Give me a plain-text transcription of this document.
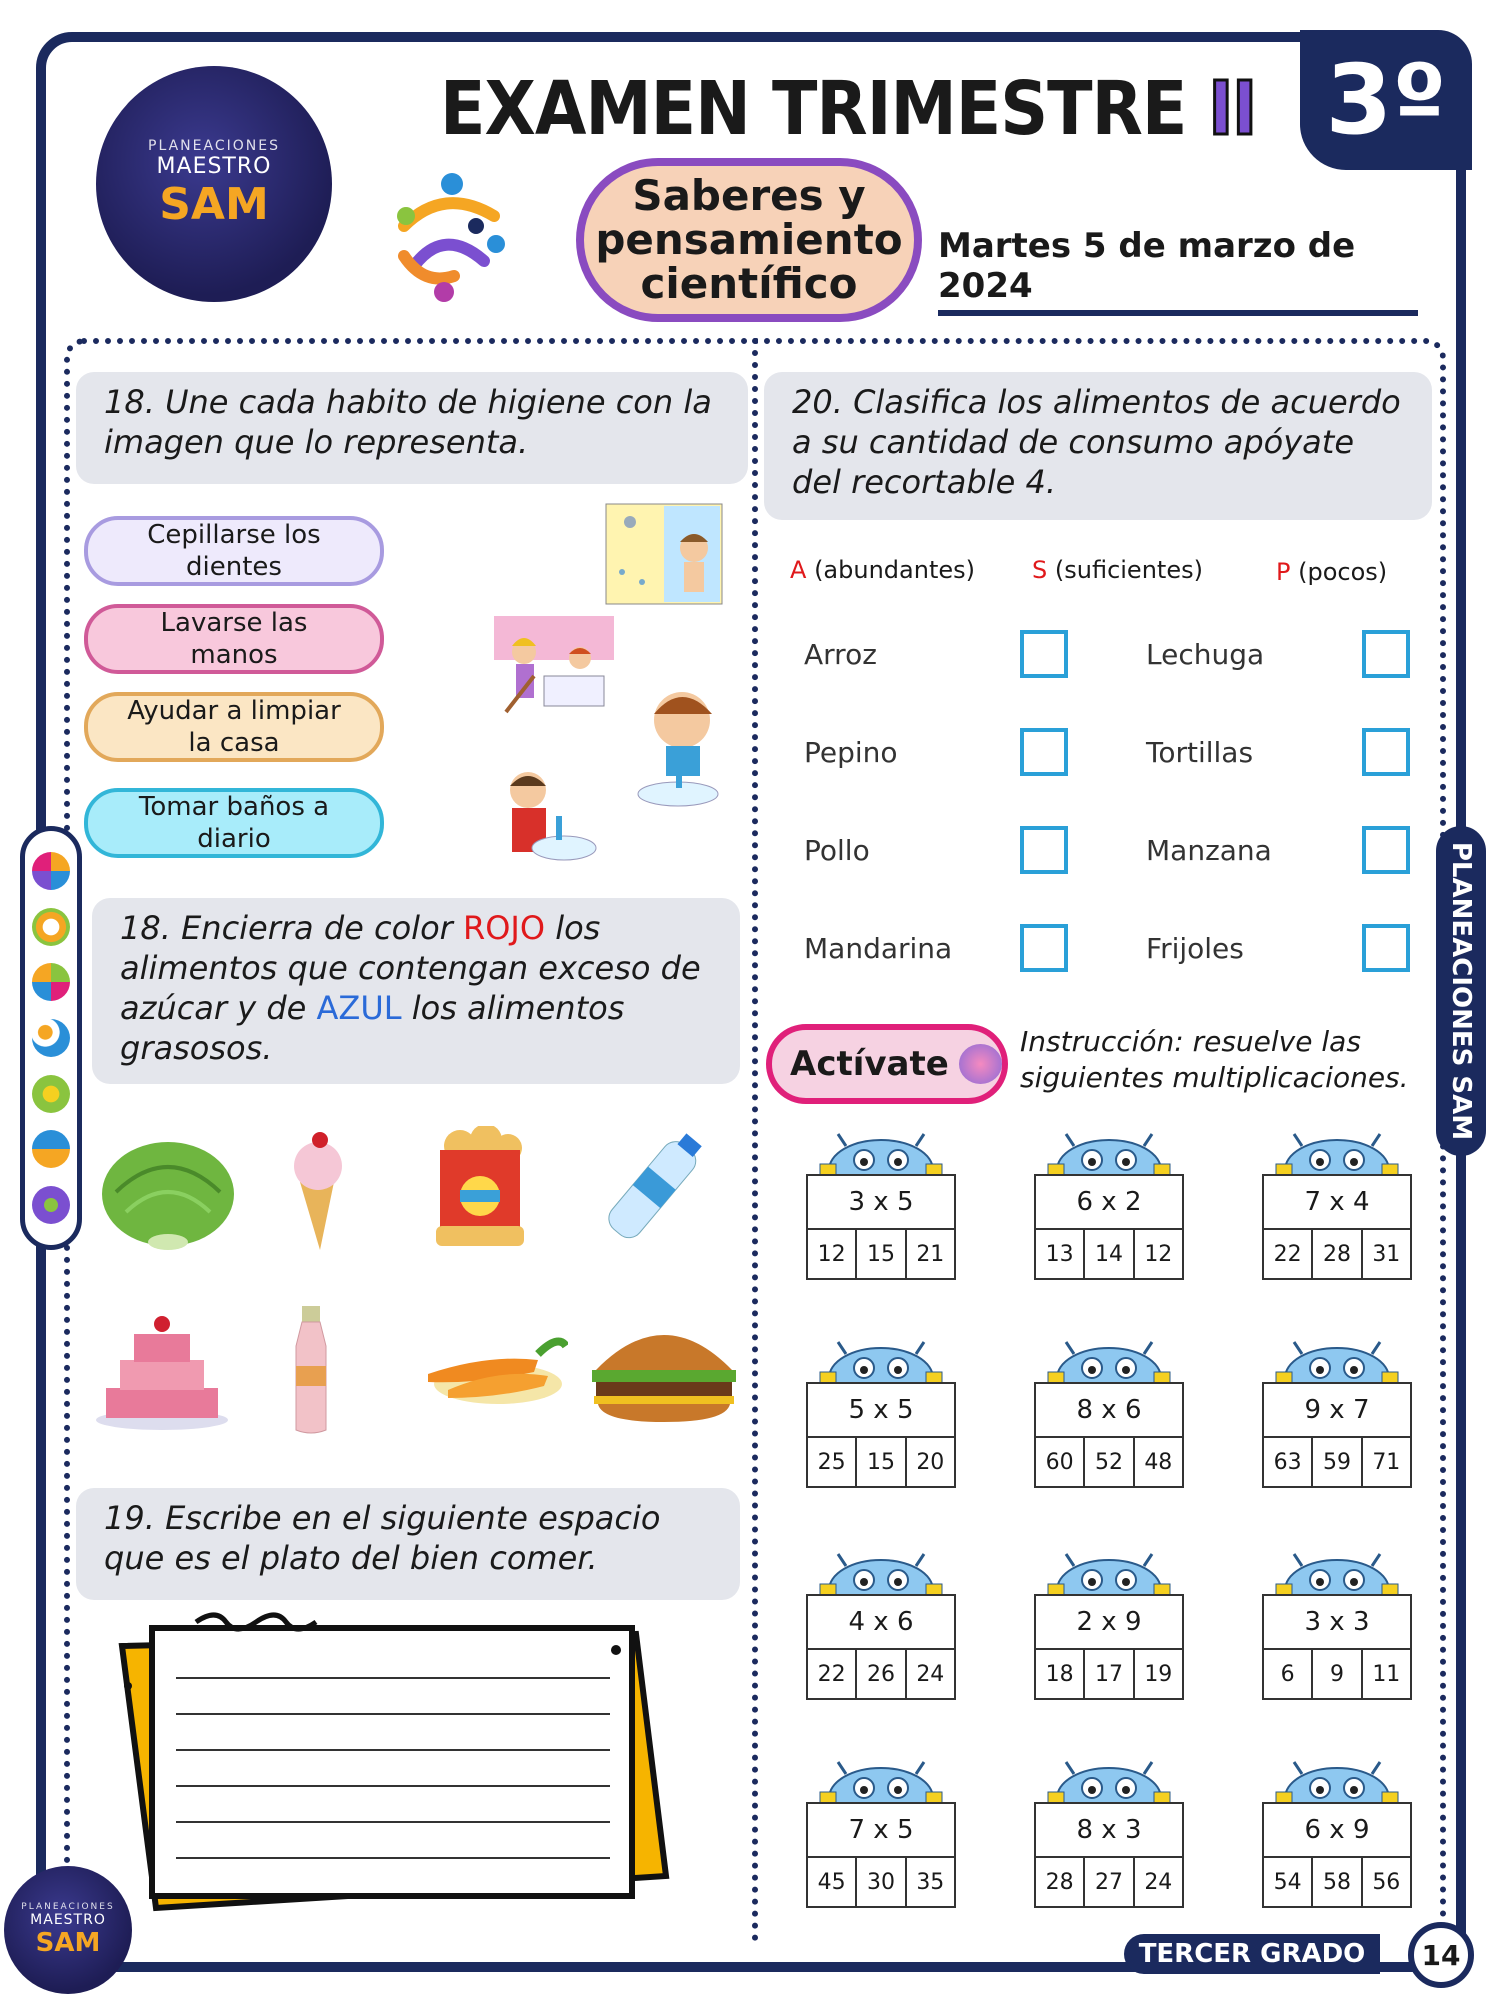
PLANEACIONES
MAESTRO
SAM
EXAMEN TRIMESTRE II 3º
Saberes y pensamiento científico
Martes 5 de marzo de 2024
18. Une cada habito de higiene con la imagen que lo representa.
Cepillarse los dientes
Lavarse las manos
Ayudar a limpiar la casa
Tomar baños a diario
18. Encierra de color ROJO los alimentos que contengan exceso de azúcar y de AZUL los alimentos grasosos.
19. Escribe en el siguiente espacio que es el plato del bien comer.
20. Clasifica los alimentos de acuerdo a su cantidad de consumo apóyate del recortable 4.
A (abundantes) S (suficientes)	P (pocos)
Arroz	Lechuga
Pepino	Tortillas
Pollo	Manzana
Mandarina	Frijoles
Actívate
Instrucción: resuelve las siguientes multiplicaciones.
3 x 5
12 15 21
6 x 2
13 14 12
7 x 4
22 28 31
5 x 5
25 15 20
8 x 6
60 52 48
9 x 7
63 59 71
4 x 6
22 26 24
2 x 9
18 17 19
3 x 3
6	9	11
7 x 5
45 30 35
8 x 3
28 27 24
6 x 9
54 58 56
PLANEACIONES SAM
PLANEACIONES
MAESTRO
SAM	TERCER GRADO 14
